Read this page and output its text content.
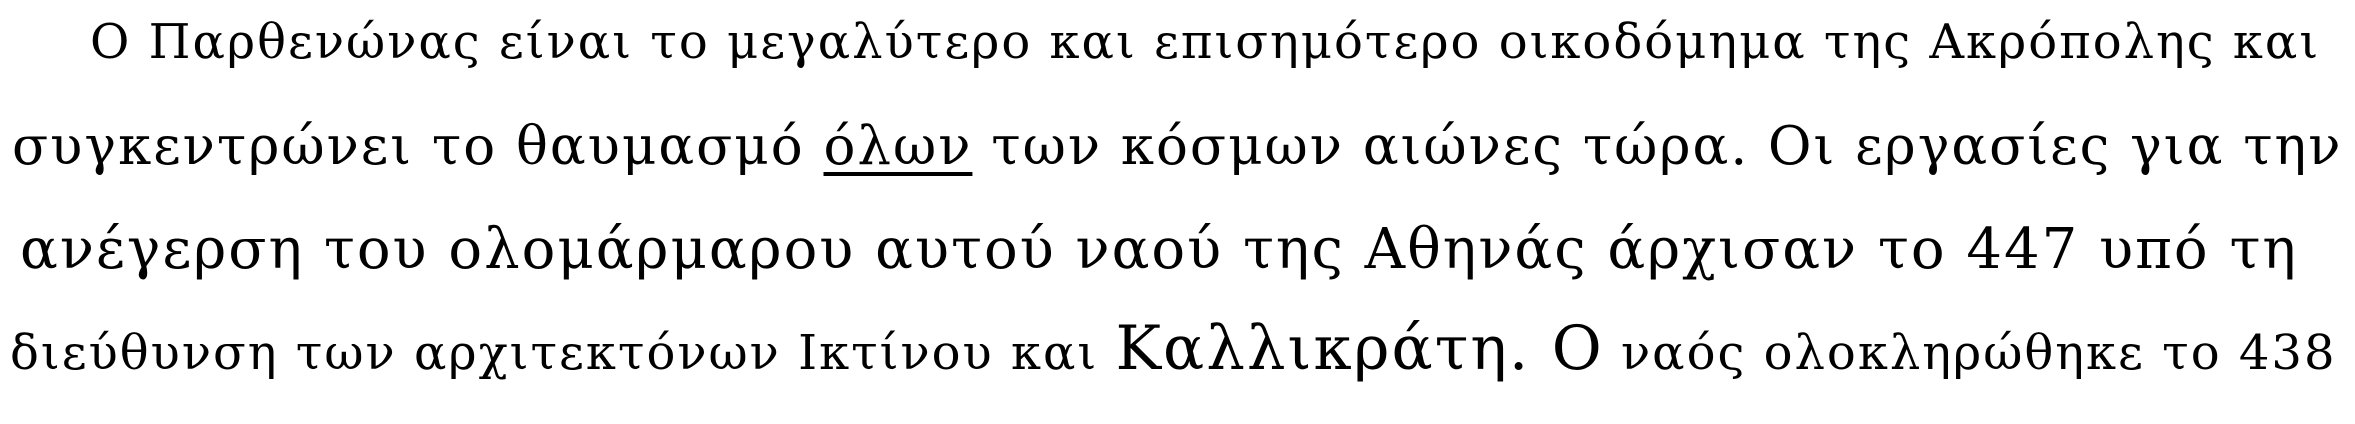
Ο Παρθενώνας είναι το μεγαλύτερο και επισημότερο οικοδόμημα της Ακρόπολης και
συγκεντρώνει το θαυμασμό όλων των κόσμων αιώνες τώρα. Οι εργασίες για την
ανέγερση του ολομάρμαρου αυτού ναού της Αθηνάς άρχισαν το 447 υπό τη
διεύθυνση των αρχιτεκτόνων Ικτίνου και Καλλικράτη. Ο ναός ολοκληρώθηκε το 438
